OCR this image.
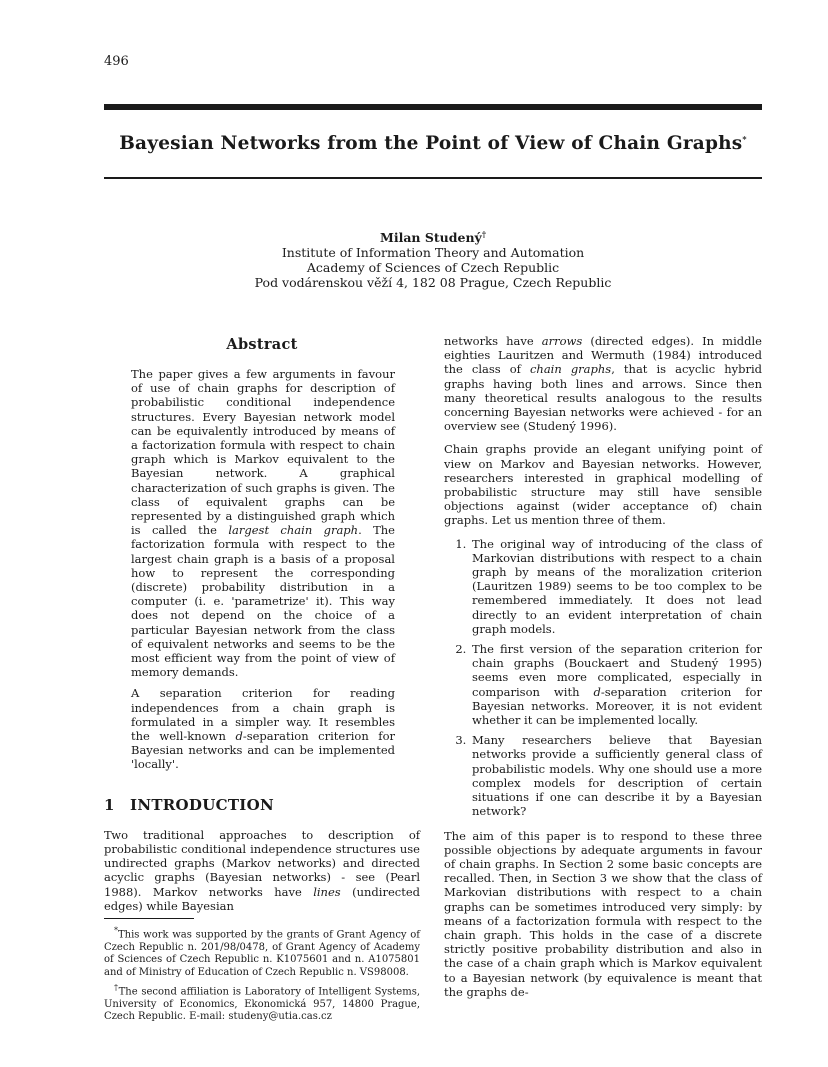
496
Bayesian Networks from the Point of View of Chain Graphs*
Milan Studený†
Institute of Information Theory and Automation
Academy of Sciences of Czech Republic
Pod vodárenskou věží 4, 182 08 Prague, Czech Republic
Abstract

The paper gives a few arguments in favour of use of chain graphs for description of probabilistic conditional independence structures. Every Bayesian network model can be equivalently introduced by means of a factorization formula with respect to chain graph which is Markov equivalent to the Bayesian network. A graphical characterization of such graphs is given. The class of equivalent graphs can be represented by a distinguished graph which is called the largest chain graph. The factorization formula with respect to the largest chain graph is a basis of a proposal how to represent the corresponding (discrete) probability distribution in a computer (i. e. 'parametrize' it). This way does not depend on the choice of a particular Bayesian network from the class of equivalent networks and seems to be the most efficient way from the point of view of memory demands.

A separation criterion for reading independences from a chain graph is formulated in a simpler way. It resembles the well-known d-separation criterion for Bayesian networks and can be implemented 'locally'.

1 INTRODUCTION

Two traditional approaches to description of probabilistic conditional independence structures use undirected graphs (Markov networks) and directed acyclic graphs (Bayesian networks) - see (Pearl 1988). Markov networks have lines (undirected edges) while Bayesian

*This work was supported by the grants of Grant Agency of Czech Republic n. 201/98/0478, of Grant Agency of Academy of Sciences of Czech Republic n. K1075601 and n. A1075801 and of Ministry of Education of Czech Republic n. VS98008.

†The second affiliation is Laboratory of Intelligent Systems, University of Economics, Ekonomická 957, 14800 Prague, Czech Republic. E-mail: studeny@utia.cas.cz

networks have arrows (directed edges). In middle eighties Lauritzen and Wermuth (1984) introduced the class of chain graphs, that is acyclic hybrid graphs having both lines and arrows. Since then many theoretical results analogous to the results concerning Bayesian networks were achieved - for an overview see (Studený 1996).

Chain graphs provide an elegant unifying point of view on Markov and Bayesian networks. However, researchers interested in graphical modelling of probabilistic structure may still have sensible objections against (wider acceptance of) chain graphs. Let us mention three of them.

1. The original way of introducing of the class of Markovian distributions with respect to a chain graph by means of the moralization criterion (Lauritzen 1989) seems to be too complex to be remembered immediately. It does not lead directly to an evident interpretation of chain graph models.
2. The first version of the separation criterion for chain graphs (Bouckaert and Studený 1995) seems even more complicated, especially in comparison with d-separation criterion for Bayesian networks. Moreover, it is not evident whether it can be implemented locally.
3. Many researchers believe that Bayesian networks provide a sufficiently general class of probabilistic models. Why one should use a more complex models for description of certain situations if one can describe it by a Bayesian network?

The aim of this paper is to respond to these three possible objections by adequate arguments in favour of chain graphs. In Section 2 some basic concepts are recalled. Then, in Section 3 we show that the class of Markovian distributions with respect to a chain graphs can be sometimes introduced very simply: by means of a factorization formula with respect to the chain graph. This holds in the case of a discrete strictly positive probability distribution and also in the case of a chain graph which is Markov equivalent to a Bayesian network (by equivalence is meant that the graphs de-
